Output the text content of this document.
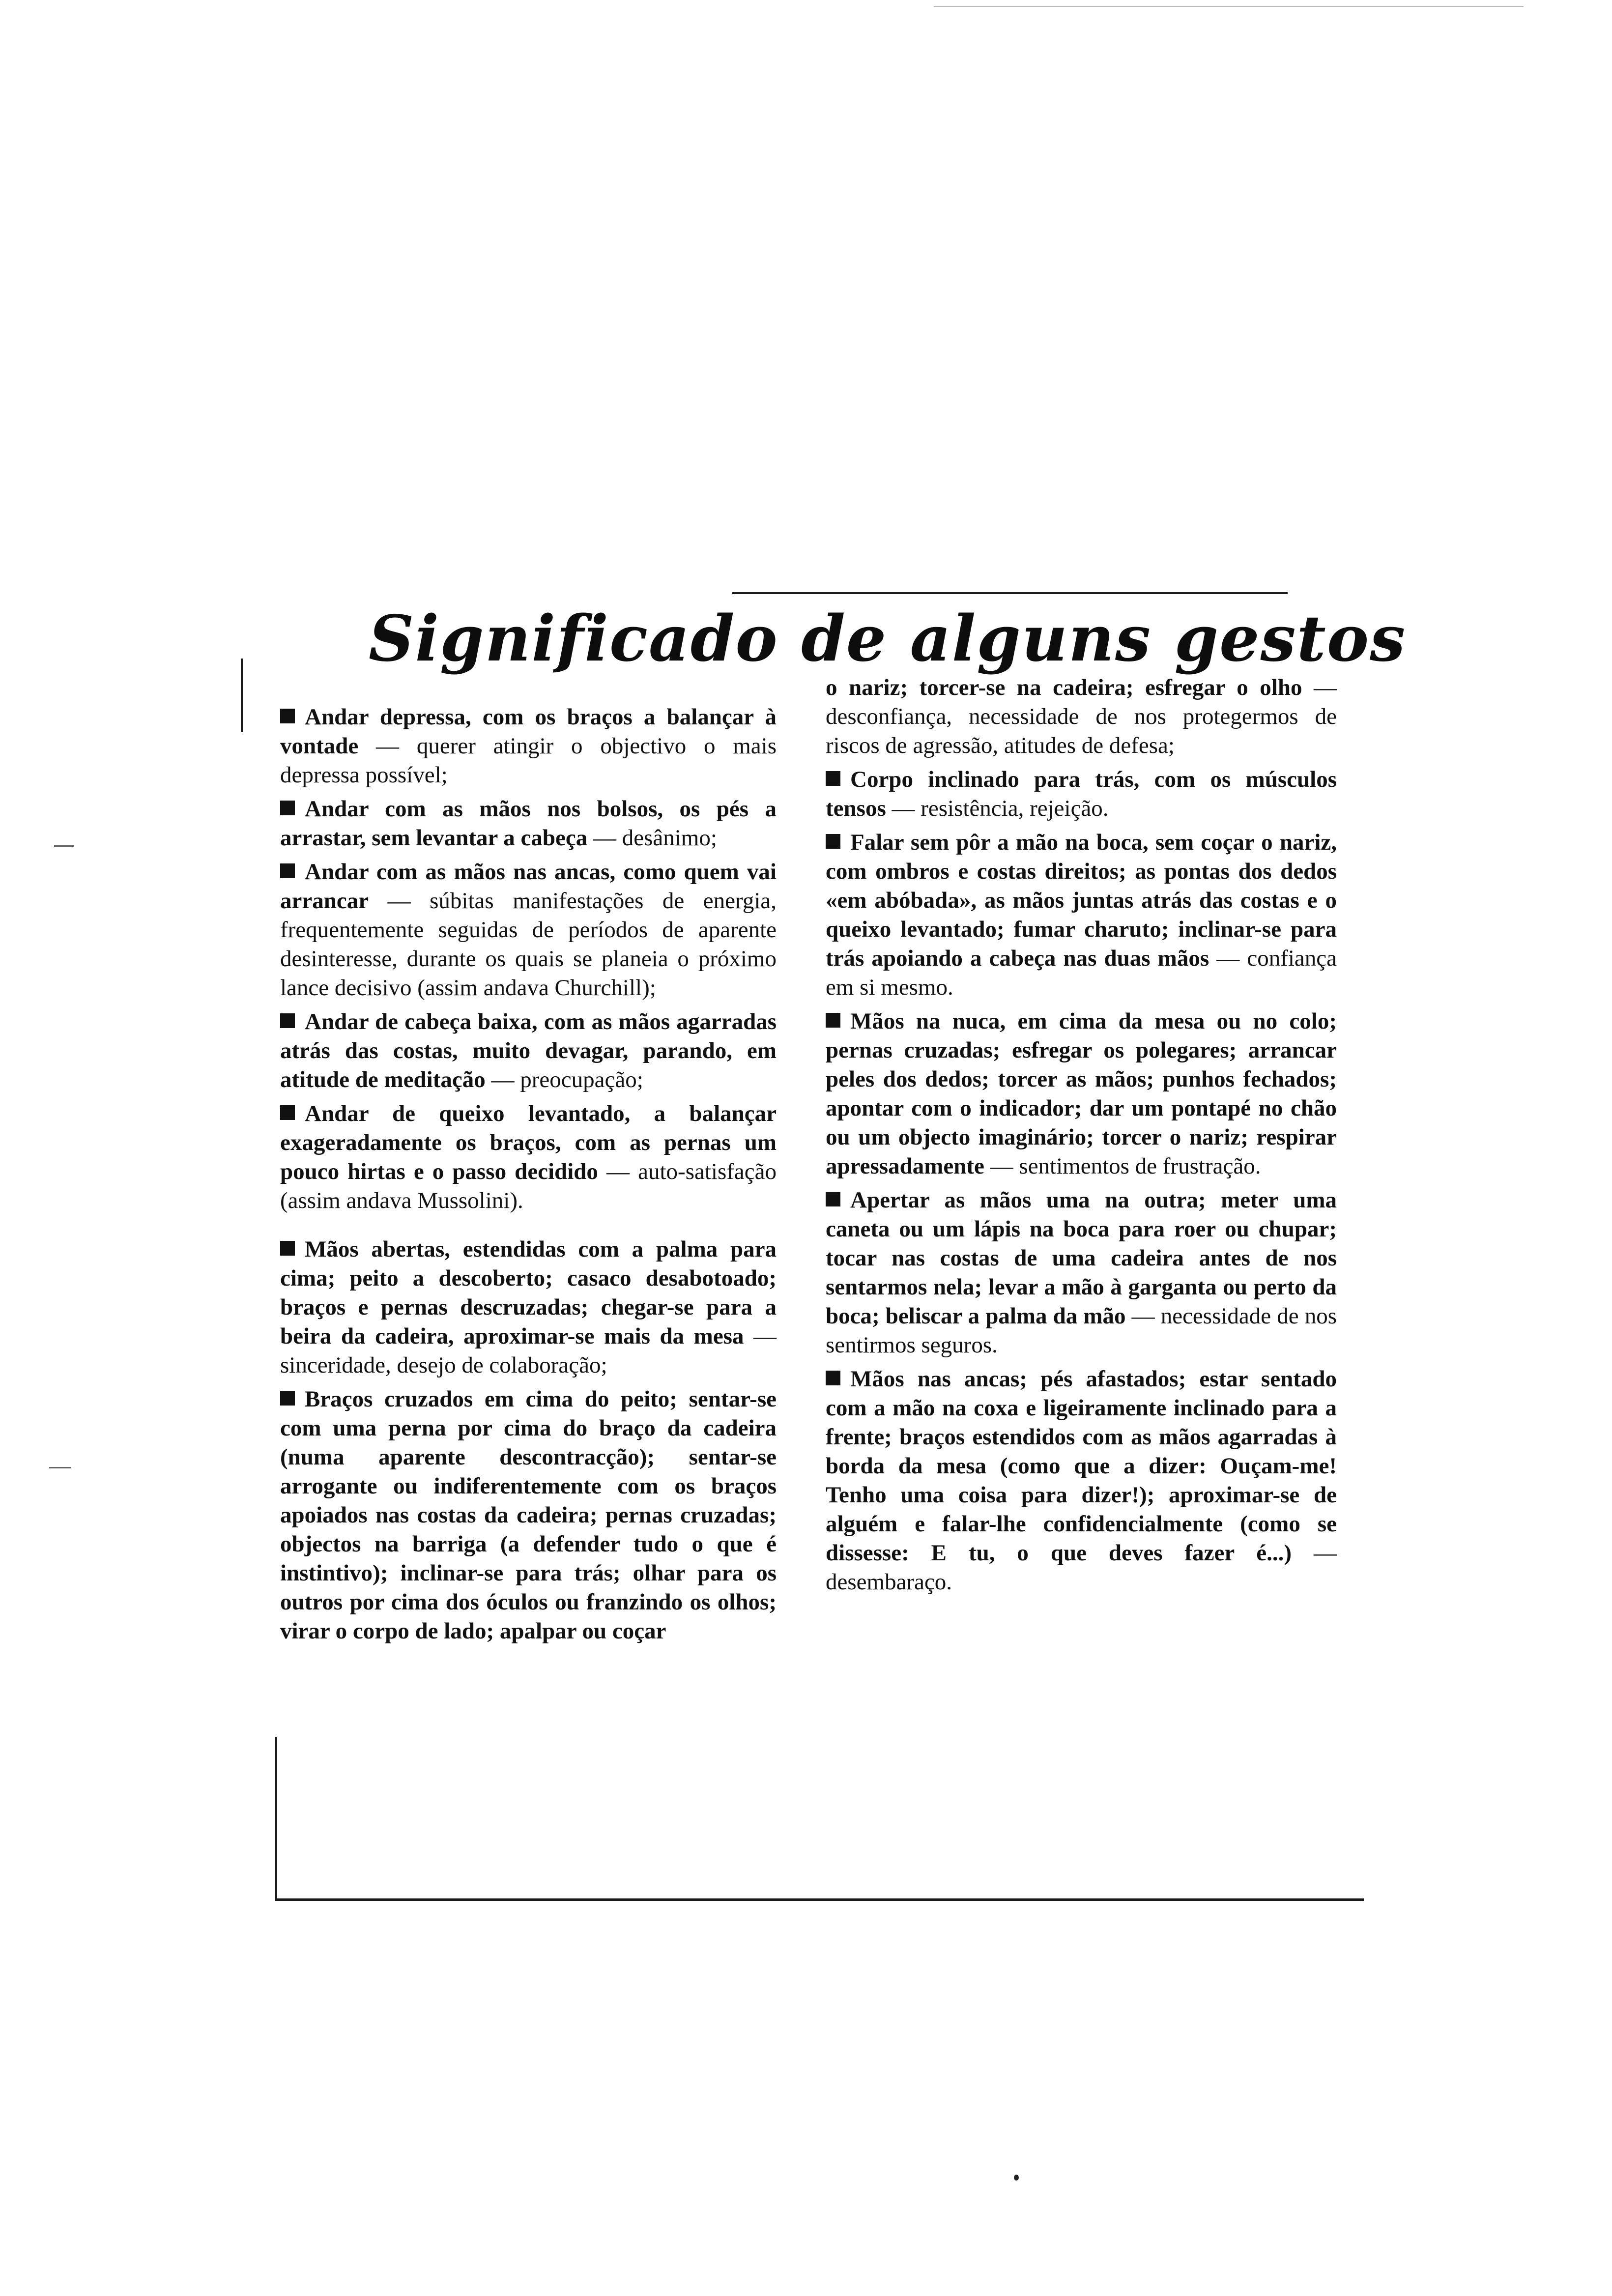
Significado de alguns gestos

Andar depressa, com os braços a balançar à vontade — querer atingir o objectivo o mais depressa possível;

Andar com as mãos nos bolsos, os pés a arrastar, sem levantar a cabeça — desânimo;

Andar com as mãos nas ancas, como quem vai arrancar — súbitas manifestações de energia, frequentemente seguidas de períodos de aparente desinteresse, durante os quais se planeia o próximo lance decisivo (assim andava Churchill);

Andar de cabeça baixa, com as mãos agarradas atrás das costas, muito devagar, parando, em atitude de meditação — preocupação;

Andar de queixo levantado, a balançar exageradamente os braços, com as pernas um pouco hirtas e o passo decidido — auto-satisfação (assim andava Mussolini).

Mãos abertas, estendidas com a palma para cima; peito a descoberto; casaco desabotoado; braços e pernas descruzadas; chegar-se para a beira da cadeira, aproximar-se mais da mesa — sinceridade, desejo de colaboração;

Braços cruzados em cima do peito; sentar-se com uma perna por cima do braço da cadeira (numa aparente descontracção); sentar-se arrogante ou indiferentemente com os braços apoiados nas costas da cadeira; pernas cruzadas; objectos na barriga (a defender tudo o que é instintivo); inclinar-se para trás; olhar para os outros por cima dos óculos ou franzindo os olhos; virar o corpo de lado; apalpar ou coçar

o nariz; torcer-se na cadeira; esfregar o olho — desconfiança, necessidade de nos protegermos de riscos de agressão, atitudes de defesa;

Corpo inclinado para trás, com os músculos tensos — resistência, rejeição.

Falar sem pôr a mão na boca, sem coçar o nariz, com ombros e costas direitos; as pontas dos dedos «em abóbada», as mãos juntas atrás das costas e o queixo levantado; fumar charuto; inclinar-se para trás apoiando a cabeça nas duas mãos — confiança em si mesmo.

Mãos na nuca, em cima da mesa ou no colo; pernas cruzadas; esfregar os polegares; arrancar peles dos dedos; torcer as mãos; punhos fechados; apontar com o indicador; dar um pontapé no chão ou um objecto imaginário; torcer o nariz; respirar apressadamente — sentimentos de frustração.

Apertar as mãos uma na outra; meter uma caneta ou um lápis na boca para roer ou chupar; tocar nas costas de uma cadeira antes de nos sentarmos nela; levar a mão à garganta ou perto da boca; beliscar a palma da mão — necessidade de nos sentirmos seguros.

Mãos nas ancas; pés afastados; estar sentado com a mão na coxa e ligeiramente inclinado para a frente; braços estendidos com as mãos agarradas à borda da mesa (como que a dizer: Ouçam-me! Tenho uma coisa para dizer!); aproximar-se de alguém e falar-lhe confidencialmente (como se dissesse: E tu, o que deves fazer é...) — desembaraço.
